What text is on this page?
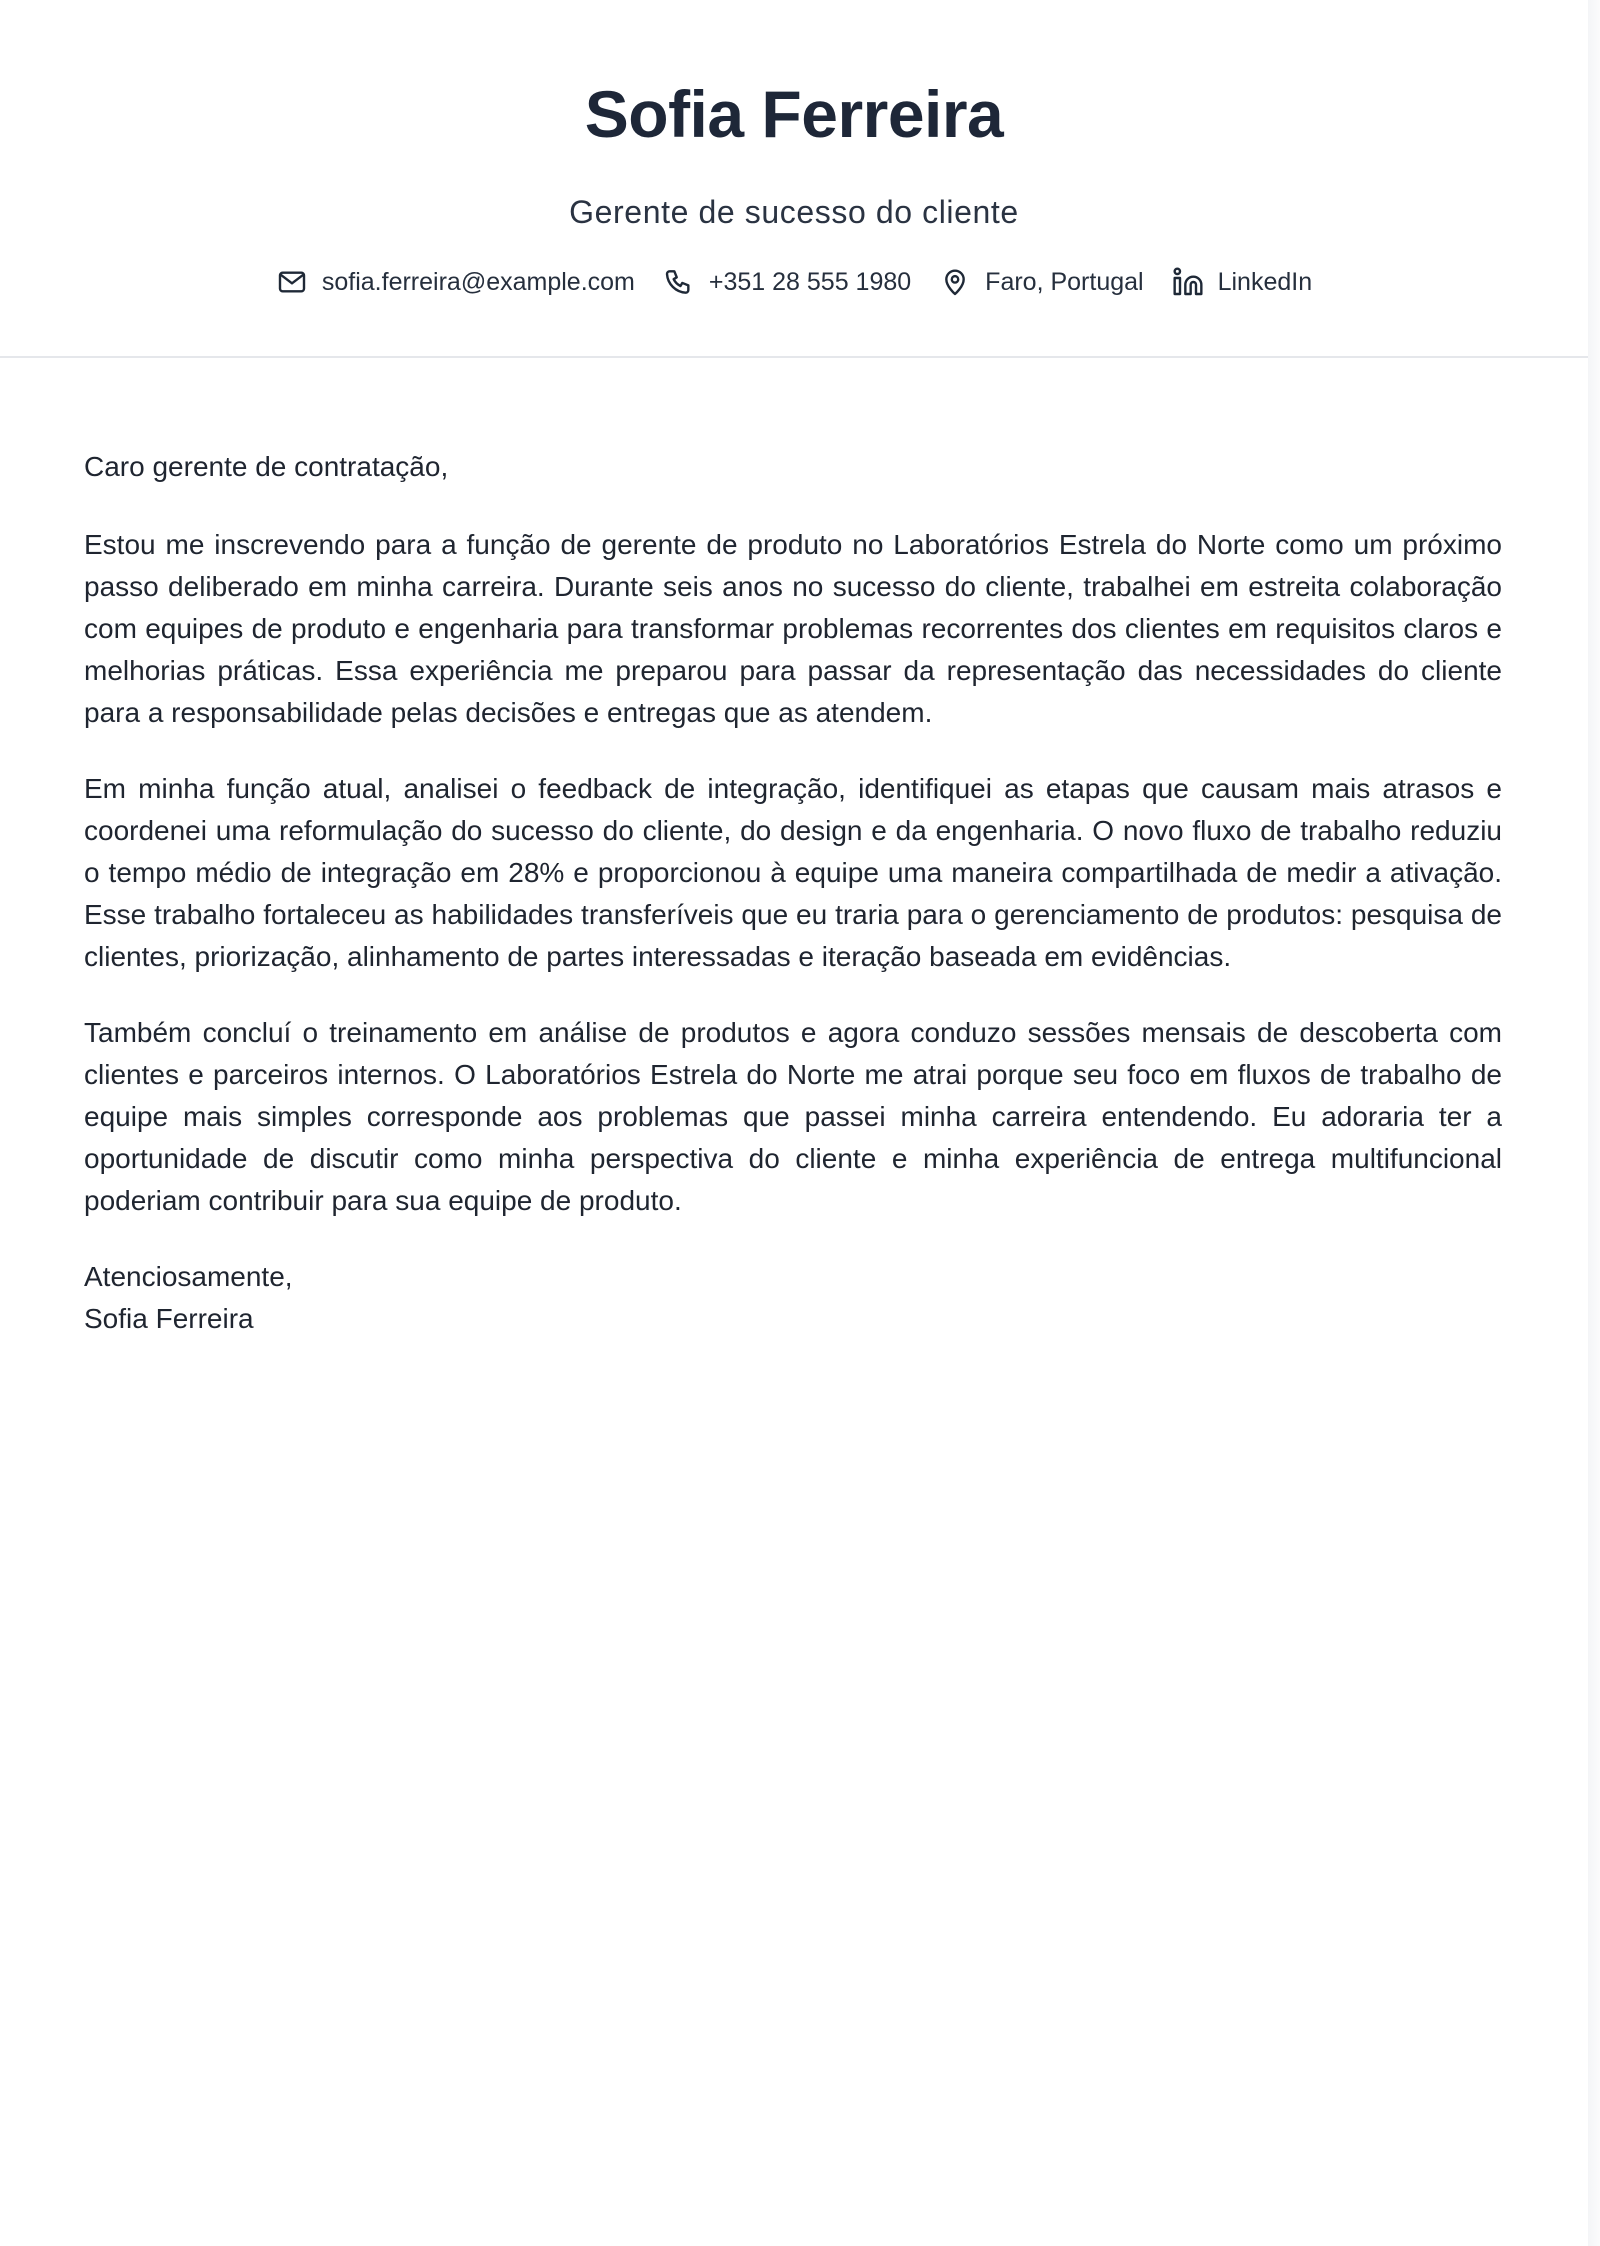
Sofia Ferreira
Gerente de sucesso do cliente
sofia.ferreira@example.com	+351 28 555 1980	Faro, Portugal	LinkedIn

Caro gerente de contratação,

Estou me inscrevendo para a função de gerente de produto no Laboratórios Estrela do Norte como um próximo passo deliberado em minha carreira. Durante seis anos no sucesso do cliente, trabalhei em estreita colaboração com equipes de produto e engenharia para transformar problemas recorrentes dos clientes em requisitos claros e melhorias práticas. Essa experiência me preparou para passar da representação das necessidades do cliente para a responsabilidade pelas decisões e entregas que as atendem.

Em minha função atual, analisei o feedback de integração, identifiquei as etapas que causam mais atrasos e coordenei uma reformulação do sucesso do cliente, do design e da engenharia. O novo fluxo de trabalho reduziu o tempo médio de integração em 28% e proporcionou à equipe uma maneira compartilhada de medir a ativação. Esse trabalho fortaleceu as habilidades transferíveis que eu traria para o gerenciamento de produtos: pesquisa de clientes, priorização, alinhamento de partes interessadas e iteração baseada em evidências.

Também concluí o treinamento em análise de produtos e agora conduzo sessões mensais de descoberta com clientes e parceiros internos. O Laboratórios Estrela do Norte me atrai porque seu foco em fluxos de trabalho de equipe mais simples corresponde aos problemas que passei minha carreira entendendo. Eu adoraria ter a oportunidade de discutir como minha perspectiva do cliente e minha experiência de entrega multifuncional poderiam contribuir para sua equipe de produto.

Atenciosamente,
Sofia Ferreira
